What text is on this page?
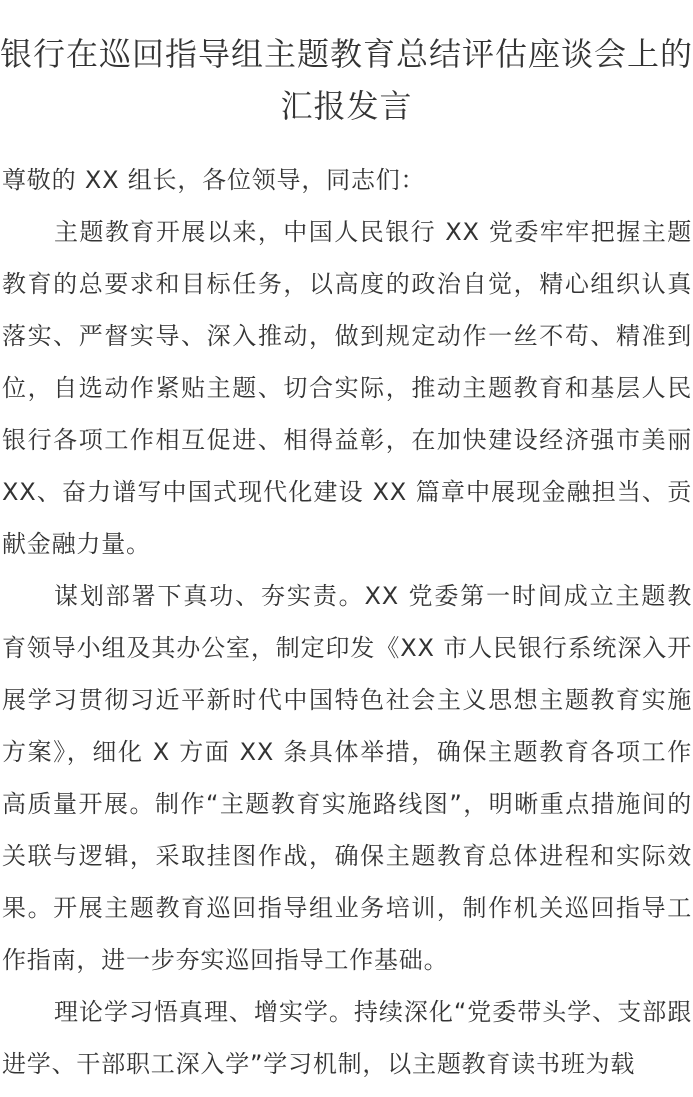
银行在巡回指导组主题教育总结评估座谈会上的汇报发言

尊敬的 XX 组长，各位领导，同志们：

主题教育开展以来，中国人民银行 XX 党委牢牢把握主题教育的总要求和目标任务，以高度的政治自觉，精心组织认真落实、严督实导、深入推动，做到规定动作一丝不苟、精准到位，自选动作紧贴主题、切合实际，推动主题教育和基层人民银行各项工作相互促进、相得益彰，在加快建设经济强市美丽 XX、奋力谱写中国式现代化建设 XX 篇章中展现金融担当、贡献金融力量。

谋划部署下真功、夯实责。XX 党委第一时间成立主题教育领导小组及其办公室，制定印发《XX 市人民银行系统深入开展学习贯彻习近平新时代中国特色社会主义思想主题教育实施方案》，细化 X 方面 XX 条具体举措，确保主题教育各项工作高质量开展。制作“主题教育实施路线图”，明晰重点措施间的关联与逻辑，采取挂图作战，确保主题教育总体进程和实际效果。开展主题教育巡回指导组业务培训，制作机关巡回指导工作指南，进一步夯实巡回指导工作基础。

理论学习悟真理、增实学。持续深化“党委带头学、支部跟进学、干部职工深入学”学习机制，以主题教育读书班为载
